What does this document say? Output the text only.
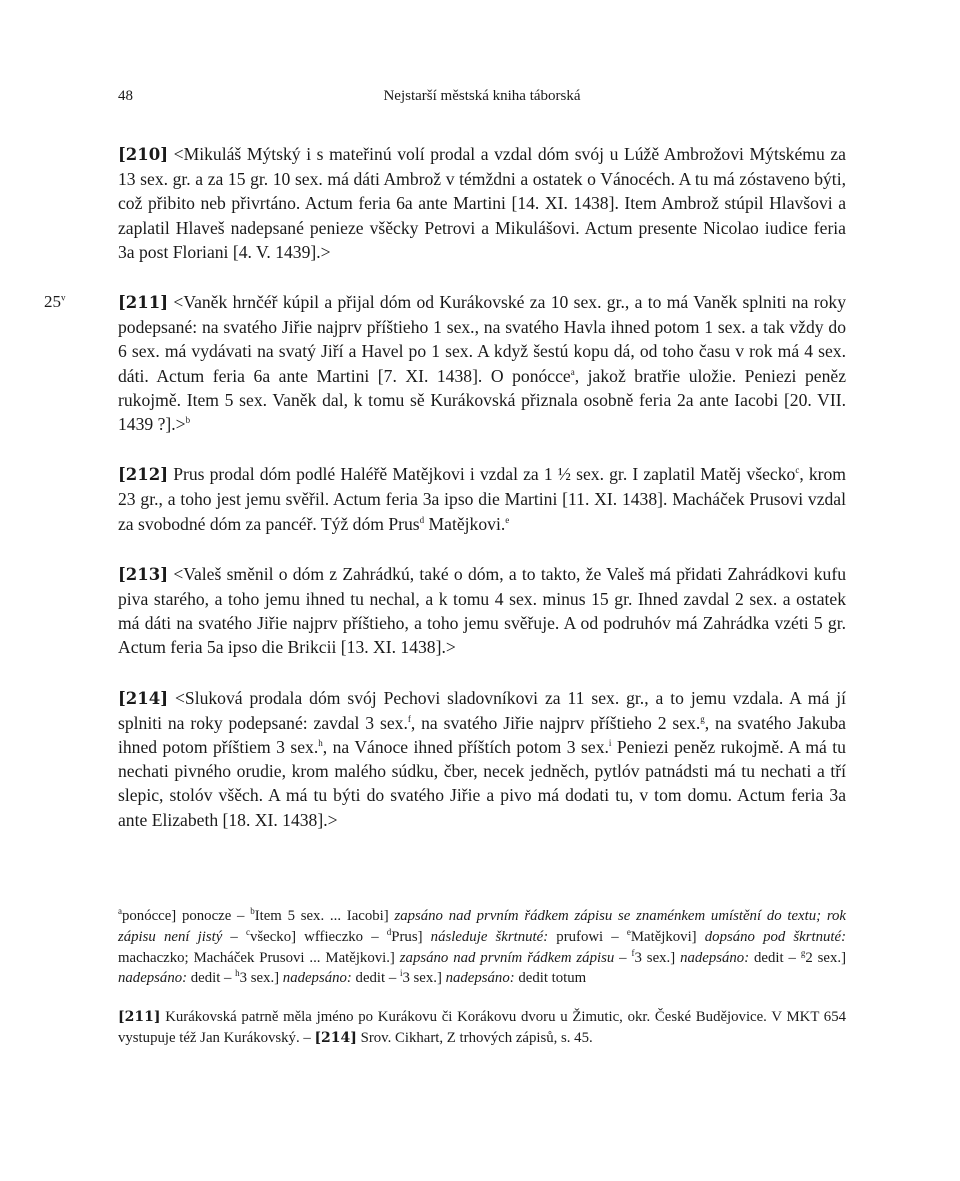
48	Nejstarší městská kniha táborská

[210] <Mikuláš Mýtský i s mateřinú volí prodal a vzdal dóm svój u Lúžě Ambrožovi Mýtskému za 13 sex. gr. a za 15 gr. 10 sex. má dáti Ambrož v témždni a ostatek o Vánocéch. A tu má zóstaveno býti, což přibito neb přivrtáno. Actum feria 6a ante Martini [14. XI. 1438]. Item Ambrož stúpil Hlavšovi a zaplatil Hlaveš nadepsané penieze všěcky Petrovi a Mikulášovi. Actum presente Nicolao iudice feria 3a post Floriani [4. V. 1439].>

25$^v$	[211] <Vaněk hrnčéř kúpil a přijal dóm od Kurákovské za 10 sex. gr., a to má Vaněk splniti na roky podepsané: na svatého Jiřie najprv příštieho 1 sex., na svatého Havla ihned potom 1 sex. a tak vždy do 6 sex. má vydávati na svatý Jiří a Havel po 1 sex. A když šestú kopu dá, od toho času v rok má 4 sex. dáti. Actum feria 6a ante Martini [7. XI. 1438]. O ponócce$^a$, jakož bratřie uložie. Peniezi peněz rukojmě. Item 5 sex. Vaněk dal, k tomu sě Kurákovská přiznala osobně feria 2a ante Iacobi [20. VII. 1439 ?].>$^b$

[212] Prus prodal dóm podlé Haléřě Matějkovi i vzdal za 1 ½ sex. gr. I zaplatil Matěj všecko$^c$, krom 23 gr., a toho jest jemu svěřil. Actum feria 3a ipso die Martini [11. XI. 1438]. Macháček Prusovi vzdal za svobodné dóm za pancéř. Týž dóm Prus$^d$ Matějkovi.$^e$

[213] <Valeš směnil o dóm z Zahrádkú, také o dóm, a to takto, že Valeš má přidati Zahrádkovi kufu piva starého, a toho jemu ihned tu nechal, a k tomu 4 sex. minus 15 gr. Ihned zavdal 2 sex. a ostatek má dáti na svatého Jiřie najprv příštieho, a toho jemu svěřuje. A od podruhóv má Zahrádka vzéti 5 gr. Actum feria 5a ipso die Brikcii [13. XI. 1438].>

[214] <Sluková prodala dóm svój Pechovi sladovníkovi za 11 sex. gr., a to jemu vzdala. A má jí splniti na roky podepsané: zavdal 3 sex.$^f$, na svatého Jiřie najprv příštieho 2 sex.$^g$, na svatého Jakuba ihned potom příštiem 3 sex.$^h$, na Vánoce ihned příštích potom 3 sex.$^i$ Peniezi peněz rukojmě. A má tu nechati pivného orudie, krom malého súdku, čber, necek jedněch, pytlóv patnádsti má tu nechati a tří slepic, stolóv všěch. A má tu býti do svatého Jiřie a pivo má dodati tu, v tom domu. Actum feria 3a ante Elizabeth [18. XI. 1438].>

$^a$ponócce] ponocze – $^b$Item 5 sex. ... Iacobi] zapsáno nad prvním řádkem zápisu se znaménkem umístění do textu; rok zápisu není jistý – $^c$všecko] wffieczko – $^d$Prus] následuje škrtnuté: prufowi – $^e$Matějkovi] dopsáno pod škrtnuté: machaczko; Macháček Prusovi ... Matějkovi.] zapsáno nad prvním řádkem zápisu – $^f$3 sex.] nadepsáno: dedit – $^g$2 sex.] nadepsáno: dedit – $^h$3 sex.] nadepsáno: dedit – $^i$3 sex.] nadepsáno: dedit totum

[211] Kurákovská patrně měla jméno po Kurákovu či Korákovu dvoru u Žimutic, okr. České Budějovice. V MKT 654 vystupuje též Jan Kurákovský. – [214] Srov. Cikhart, Z trhových zápisů, s. 45.
